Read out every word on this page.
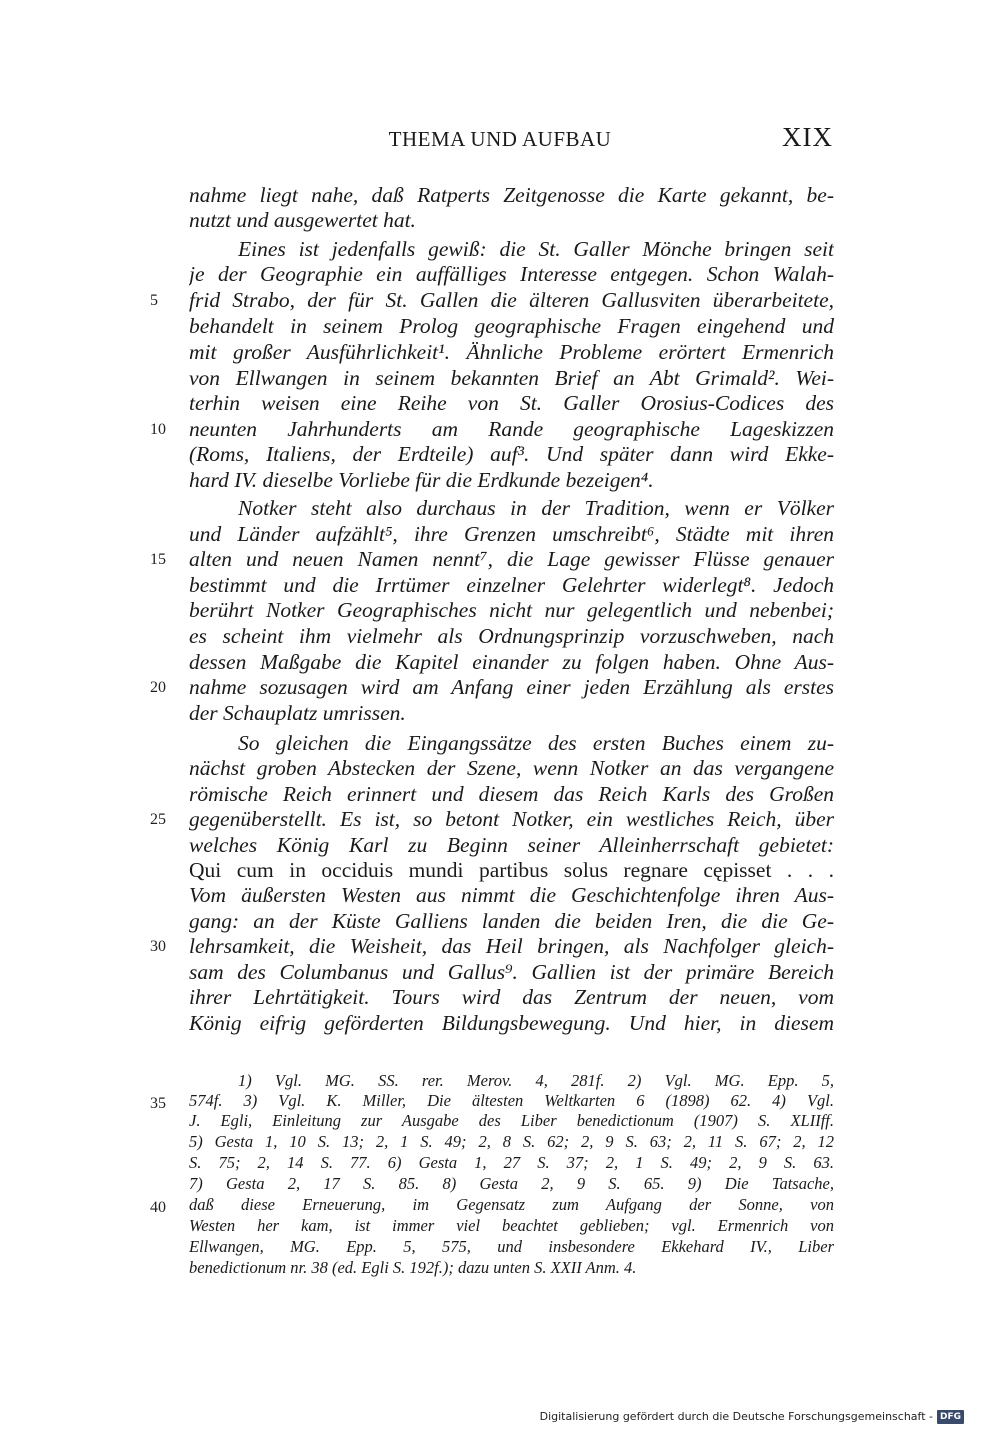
THEMA UND AUFBAU	XIX
nahme liegt nahe, daß Ratperts Zeitgenosse die Karte gekannt, be-
nutzt und ausgewertet hat.
Eines ist jedenfalls gewiß: die St. Galler Mönche bringen seit
je der Geographie ein auffälliges Interesse entgegen. Schon Walah-
frid Strabo, der für St. Gallen die älteren Gallusviten überarbeitete,
behandelt in seinem Prolog geographische Fragen eingehend und
mit großer Ausführlichkeit¹. Ähnliche Probleme erörtert Ermenrich
von Ellwangen in seinem bekannten Brief an Abt Grimald². Wei-
terhin weisen eine Reihe von St. Galler Orosius-Codices des
neunten Jahrhunderts am Rande geographische Lageskizzen
(Roms, Italiens, der Erdteile) auf³. Und später dann wird Ekke-
hard IV. dieselbe Vorliebe für die Erdkunde bezeigen⁴.
Notker steht also durchaus in der Tradition, wenn er Völker
und Länder aufzählt⁵, ihre Grenzen umschreibt⁶, Städte mit ihren
alten und neuen Namen nennt⁷, die Lage gewisser Flüsse genauer
bestimmt und die Irrtümer einzelner Gelehrter widerlegt⁸. Jedoch
berührt Notker Geographisches nicht nur gelegentlich und nebenbei;
es scheint ihm vielmehr als Ordnungsprinzip vorzuschweben, nach
dessen Maßgabe die Kapitel einander zu folgen haben. Ohne Aus-
nahme sozusagen wird am Anfang einer jeden Erzählung als erstes
der Schauplatz umrissen.
So gleichen die Eingangssätze des ersten Buches einem zu-
nächst groben Abstecken der Szene, wenn Notker an das vergangene
römische Reich erinnert und diesem das Reich Karls des Großen
gegenüberstellt. Es ist, so betont Notker, ein westliches Reich, über
welches König Karl zu Beginn seiner Alleinherrschaft gebietet:
Qui cum in occiduis mundi partibus solus regnare cępisset . . .
Vom äußersten Westen aus nimmt die Geschichtenfolge ihren Aus-
gang: an der Küste Galliens landen die beiden Iren, die die Ge-
lehrsamkeit, die Weisheit, das Heil bringen, als Nachfolger gleich-
sam des Columbanus und Gallus⁹. Gallien ist der primäre Bereich
ihrer Lehrtätigkeit. Tours wird das Zentrum der neuen, vom
König eifrig geförderten Bildungsbewegung. Und hier, in diesem
1) Vgl. MG. SS. rer. Merov. 4, 281f. 2) Vgl. MG. Epp. 5,
574f. 3) Vgl. K. Miller, Die ältesten Weltkarten 6 (1898) 62. 4) Vgl.
J. Egli, Einleitung zur Ausgabe des Liber benedictionum (1907) S. XLIIff.
5) Gesta 1, 10 S. 13; 2, 1 S. 49; 2, 8 S. 62; 2, 9 S. 63; 2, 11 S. 67; 2, 12
S. 75; 2, 14 S. 77. 6) Gesta 1, 27 S. 37; 2, 1 S. 49; 2, 9 S. 63.
7) Gesta 2, 17 S. 85. 8) Gesta 2, 9 S. 65. 9) Die Tatsache,
daß diese Erneuerung, im Gegensatz zum Aufgang der Sonne, von
Westen her kam, ist immer viel beachtet geblieben; vgl. Ermenrich von
Ellwangen, MG. Epp. 5, 575, und insbesondere Ekkehard IV., Liber
benedictionum nr. 38 (ed. Egli S. 192f.); dazu unten S. XXII Anm. 4.
5
10
15
20
25
30
35
40
Digitalisierung gefördert durch die Deutsche Forschungsgemeinschaft - DFG
